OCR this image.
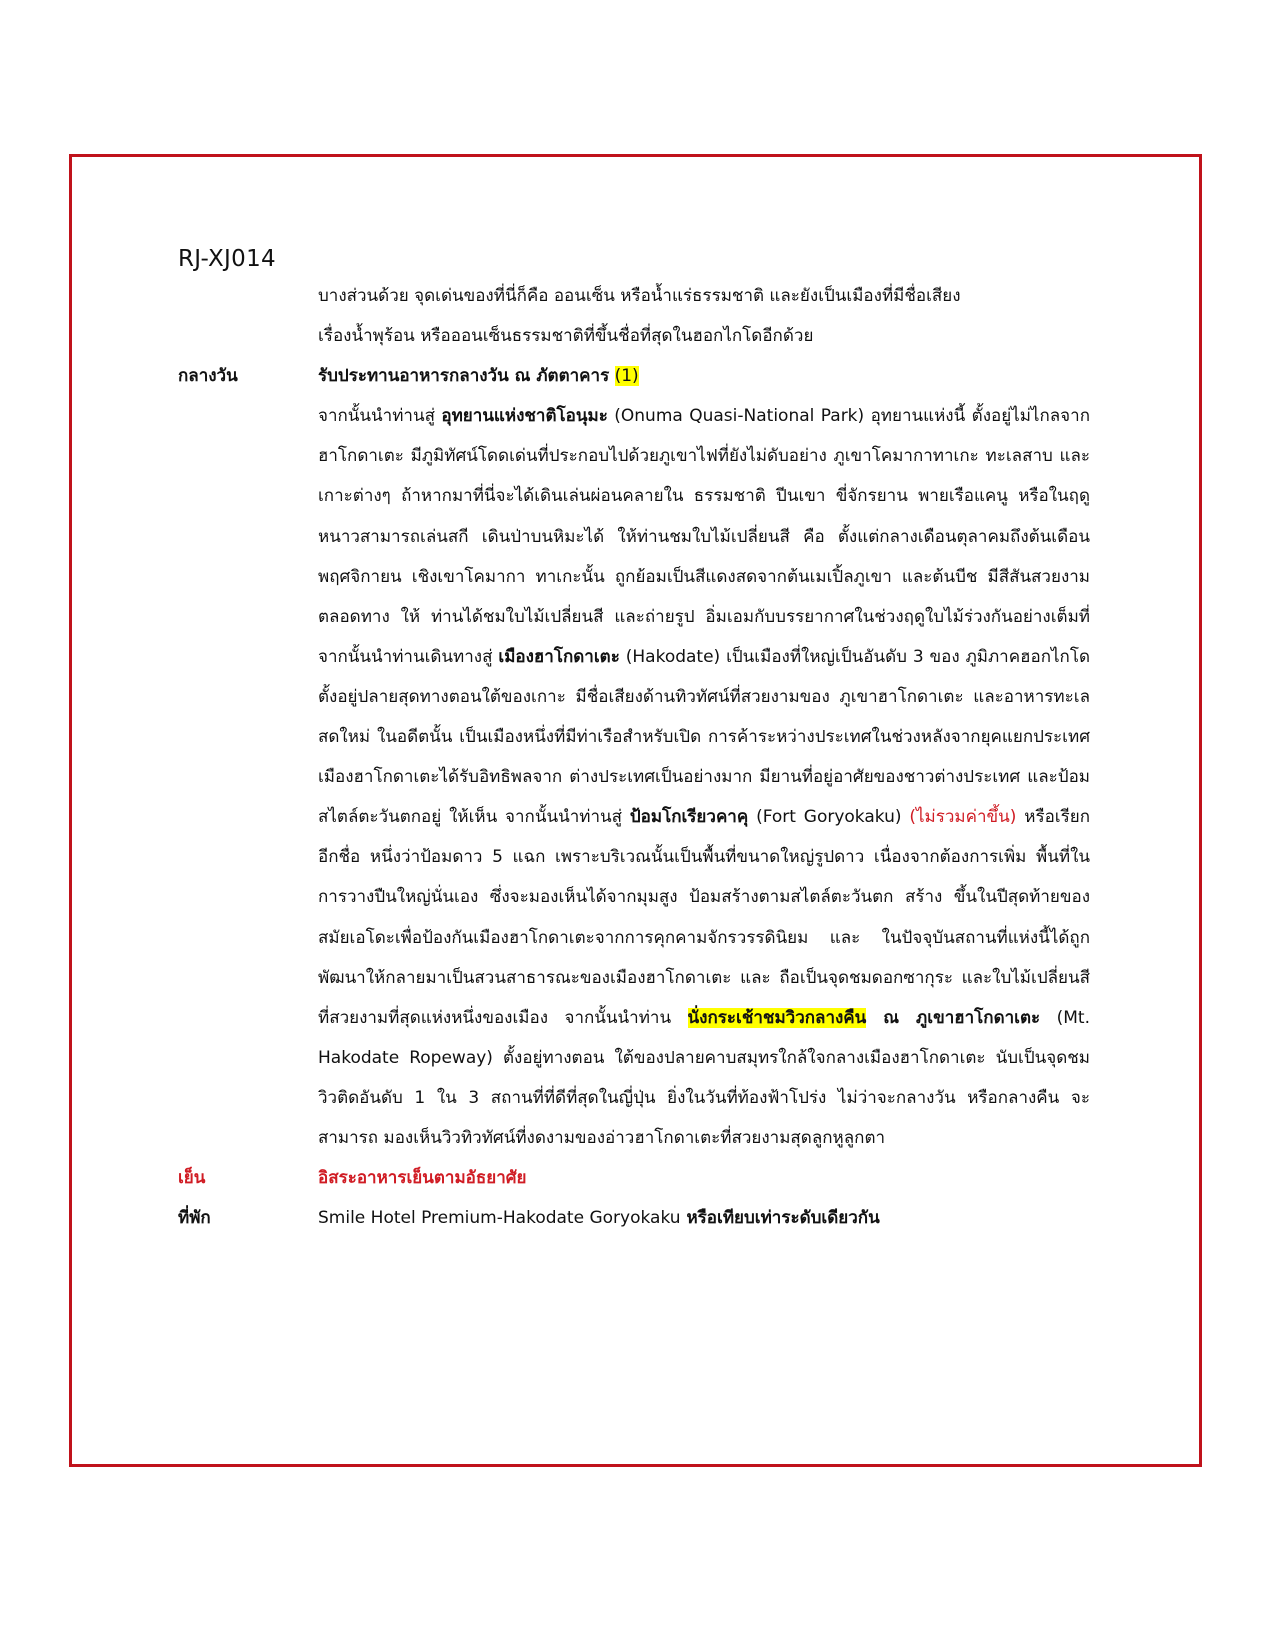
RJ-XJ014
บางส่วนด้วย จุดเด่นของที่นี่ก็คือ ออนเซ็น หรือน้ำแร่ธรรมชาติ และยังเป็นเมืองที่มีชื่อเสียง
เรื่องน้ำพุร้อน หรือออนเซ็นธรรมชาติที่ขึ้นชื่อที่สุดในฮอกไกโดอีกด้วย
กลางวัน	รับประทานอาหารกลางวัน ณ ภัตตาคาร (1)
จากนั้นนำท่านสู่ อุทยานแห่งชาติโอนุมะ (Onuma Quasi-National Park) อุทยานแห่งนี้ ตั้งอยู่ไม่ไกลจากฮาโกดาเตะ มีภูมิทัศน์โดดเด่นที่ประกอบไปด้วยภูเขาไฟที่ยังไม่ดับอย่าง ภูเขาโคมากาทาเกะ ทะเลสาบ และเกาะต่างๆ ถ้าหากมาที่นี่จะได้เดินเล่นผ่อนคลายใน ธรรมชาติ ปีนเขา ขี่จักรยาน พายเรือแคนู หรือในฤดูหนาวสามารถเล่นสกี เดินป่าบนหิมะได้ ให้ท่านชมใบไม้เปลี่ยนสี คือ ตั้งแต่กลางเดือนตุลาคมถึงต้นเดือนพฤศจิกายน เชิงเขาโคมากา ทาเกะนั้น ถูกย้อมเป็นสีแดงสดจากต้นเมเปิ้ลภูเขา และต้นบีช มีสีสันสวยงามตลอดทาง ให้ ท่านได้ชมใบไม้เปลี่ยนสี และถ่ายรูป อิ่มเอมกับบรรยากาศในช่วงฤดูใบไม้ร่วงกันอย่างเต็มที่ จากนั้นนำท่านเดินทางสู่ เมืองฮาโกดาเตะ (Hakodate) เป็นเมืองที่ใหญ่เป็นอันดับ 3 ของ ภูมิภาคฮอกไกโด ตั้งอยู่ปลายสุดทางตอนใต้ของเกาะ มีชื่อเสียงด้านทิวทัศน์ที่สวยงามของ ภูเขาฮาโกดาเตะ และอาหารทะเลสดใหม่ ในอดีตนั้น เป็นเมืองหนึ่งที่มีท่าเรือสำหรับเปิด การค้าระหว่างประเทศในช่วงหลังจากยุคแยกประเทศ เมืองฮาโกดาเตะได้รับอิทธิพลจาก ต่างประเทศเป็นอย่างมาก มียานที่อยู่อาศัยของชาวต่างประเทศ และป้อมสไตล์ตะวันตกอยู่ ให้เห็น จากนั้นนำท่านสู่ ป้อมโกเรียวคาคุ (Fort Goryokaku) (ไม่รวมค่าขึ้น) หรือเรียกอีกชื่อ หนึ่งว่าป้อมดาว 5 แฉก เพราะบริเวณนั้นเป็นพื้นที่ขนาดใหญ่รูปดาว เนื่องจากต้องการเพิ่ม พื้นที่ในการวางปืนใหญ่นั่นเอง ซึ่งจะมองเห็นได้จากมุมสูง ป้อมสร้างตามสไตล์ตะวันตก สร้าง ขึ้นในปีสุดท้ายของสมัยเอโดะเพื่อป้องกันเมืองฮาโกดาเตะจากการคุกคามจักรวรรดินิยม และ ในปัจจุบันสถานที่แห่งนี้ได้ถูกพัฒนาให้กลายมาเป็นสวนสาธารณะของเมืองฮาโกดาเตะ และ ถือเป็นจุดชมดอกซากุระ และใบไม้เปลี่ยนสีที่สวยงามที่สุดแห่งหนึ่งของเมือง จากนั้นนำท่าน นั่งกระเช้าชมวิวกลางคืน ณ ภูเขาฮาโกดาเตะ (Mt. Hakodate Ropeway) ตั้งอยู่ทางตอน ใต้ของปลายคาบสมุทรใกล้ใจกลางเมืองฮาโกดาเตะ นับเป็นจุดชมวิวติดอันดับ 1 ใน 3 สถานที่ที่ดีที่สุดในญี่ปุ่น ยิ่งในวันที่ท้องฟ้าโปร่ง ไม่ว่าจะกลางวัน หรือกลางคืน จะสามารถ มองเห็นวิวทิวทัศน์ที่งดงามของอ่าวฮาโกดาเตะที่สวยงามสุดลูกหูลูกตา
เย็น	อิสระอาหารเย็นตามอัธยาศัย
ที่พัก	Smile Hotel Premium-Hakodate Goryokaku หรือเทียบเท่าระดับเดียวกัน
